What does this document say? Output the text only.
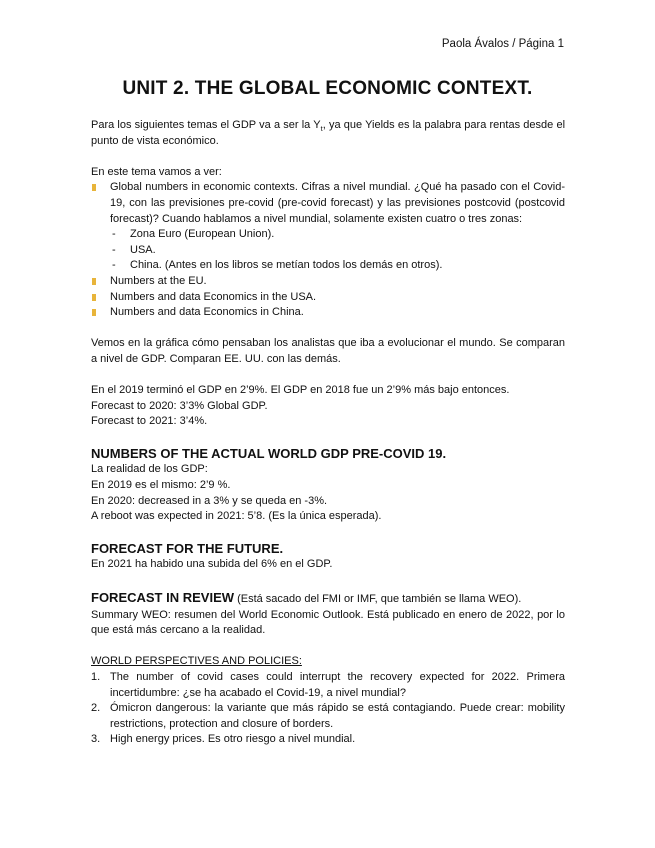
Paola Ávalos / Página 1
UNIT 2. THE GLOBAL ECONOMIC CONTEXT.

Para los siguientes temas el GDP va a ser la $Y_t$, ya que Yields es la palabra para rentas desde el punto de vista económico.

En este tema vamos a ver:

Global numbers in economic contexts. Cifras a nivel mundial. ¿Qué ha pasado con el Covid-19, con las previsiones pre-covid (pre-covid forecast) y las previsiones postcovid (postcovid forecast)? Cuando hablamos a nivel mundial, solamente existen cuatro o tres zonas:
- Zona Euro (European Union).
- USA.
- China. (Antes en los libros se metían todos los demás en otros).
Numbers at the EU.
Numbers and data Economics in the USA.
Numbers and data Economics in China.

Vemos en la gráfica cómo pensaban los analistas que iba a evolucionar el mundo. Se comparan a nivel de GDP. Comparan EE. UU. con las demás.

En el 2019 terminó el GDP en 2’9%. El GDP en 2018 fue un 2’9% más bajo entonces.

Forecast to 2020: 3’3% Global GDP.

Forecast to 2021: 3’4%.

NUMBERS OF THE ACTUAL WORLD GDP PRE-COVID 19.

La realidad de los GDP:

En 2019 es el mismo: 2’9 %.

En 2020: decreased in a 3% y se queda en -3%.

A reboot was expected in 2021: 5’8. (Es la única esperada).

FORECAST FOR THE FUTURE.

En 2021 ha habido una subida del 6% en el GDP.

FORECAST IN REVIEW (Está sacado del FMI or IMF, que también se llama WEO).

Summary WEO: resumen del World Economic Outlook. Está publicado en enero de 2022, por lo que está más cercano a la realidad.

WORLD PERSPECTIVES AND POLICIES:

1. The number of covid cases could interrupt the recovery expected for 2022. Primera incertidumbre: ¿se ha acabado el Covid-19, a nivel mundial?
2. Ómicron dangerous: la variante que más rápido se está contagiando. Puede crear: mobility restrictions, protection and closure of borders.
3. High energy prices. Es otro riesgo a nivel mundial.
